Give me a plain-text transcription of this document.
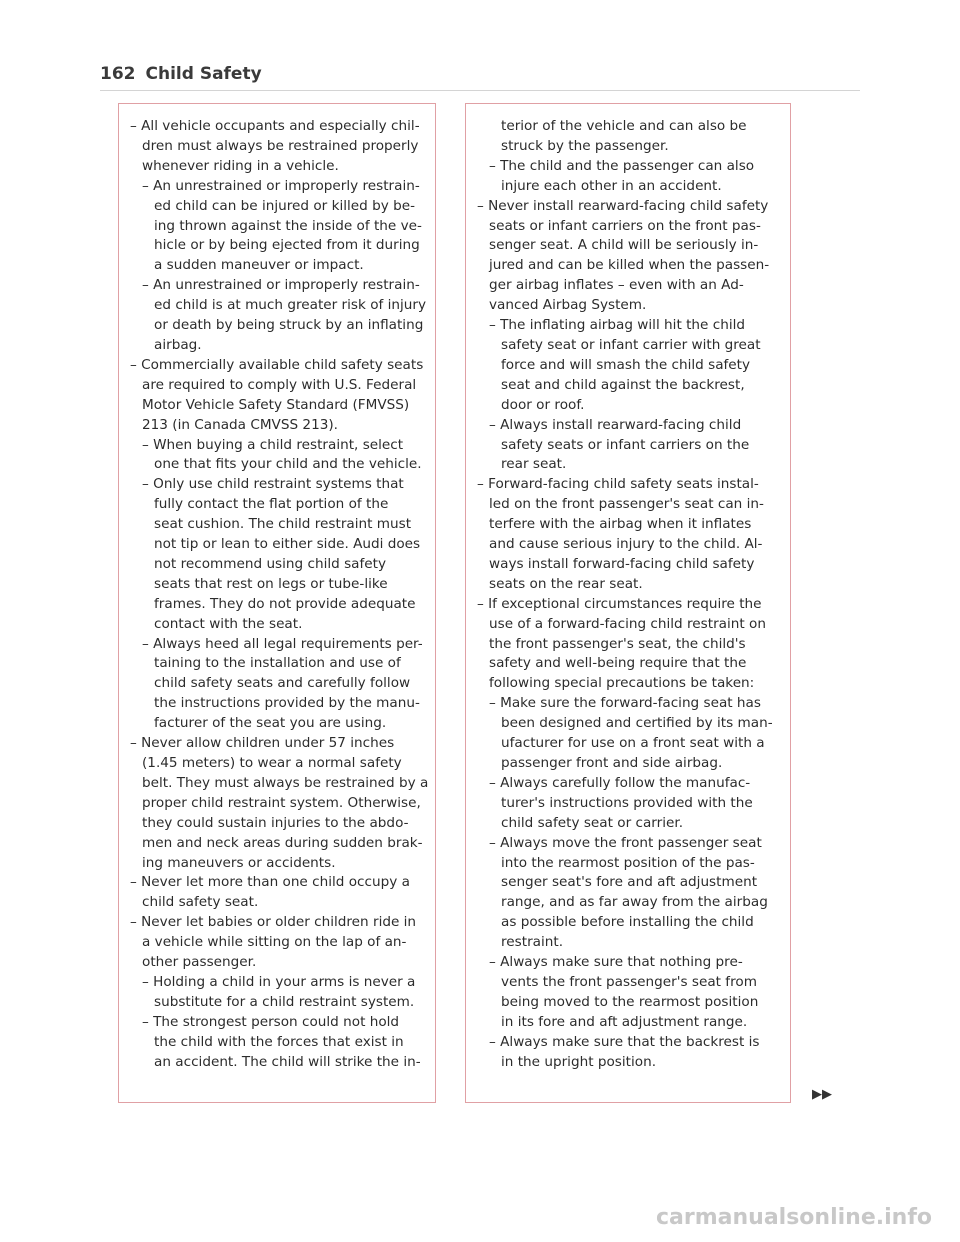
162 Child Safety
– All vehicle occupants and especially chil-
dren must always be restrained properly
whenever riding in a vehicle.
– An unrestrained or improperly restrain-
ed child can be injured or killed by be-
ing thrown against the inside of the ve-
hicle or by being ejected from it during
a sudden maneuver or impact.
– An unrestrained or improperly restrain-
ed child is at much greater risk of injury
or death by being struck by an inflating
airbag.
– Commercially available child safety seats
are required to comply with U.S. Federal
Motor Vehicle Safety Standard (FMVSS)
213 (in Canada CMVSS 213).
– When buying a child restraint, select
one that fits your child and the vehicle.
– Only use child restraint systems that
fully contact the flat portion of the
seat cushion. The child restraint must
not tip or lean to either side. Audi does
not recommend using child safety
seats that rest on legs or tube-like
frames. They do not provide adequate
contact with the seat.
– Always heed all legal requirements per-
taining to the installation and use of
child safety seats and carefully follow
the instructions provided by the manu-
facturer of the seat you are using.
– Never allow children under 57 inches
(1.45 meters) to wear a normal safety
belt. They must always be restrained by a
proper child restraint system. Otherwise,
they could sustain injuries to the abdo-
men and neck areas during sudden brak-
ing maneuvers or accidents.
– Never let more than one child occupy a
child safety seat.
– Never let babies or older children ride in
a vehicle while sitting on the lap of an-
other passenger.
– Holding a child in your arms is never a
substitute for a child restraint system.
– The strongest person could not hold
the child with the forces that exist in
an accident. The child will strike the in-
terior of the vehicle and can also be
struck by the passenger.
– The child and the passenger can also
injure each other in an accident.
– Never install rearward-facing child safety
seats or infant carriers on the front pas-
senger seat. A child will be seriously in-
jured and can be killed when the passen-
ger airbag inflates – even with an Ad-
vanced Airbag System.
– The inflating airbag will hit the child
safety seat or infant carrier with great
force and will smash the child safety
seat and child against the backrest,
door or roof.
– Always install rearward-facing child
safety seats or infant carriers on the
rear seat.
– Forward-facing child safety seats instal-
led on the front passenger's seat can in-
terfere with the airbag when it inflates
and cause serious injury to the child. Al-
ways install forward-facing child safety
seats on the rear seat.
– If exceptional circumstances require the
use of a forward-facing child restraint on
the front passenger's seat, the child's
safety and well-being require that the
following special precautions be taken:
– Make sure the forward-facing seat has
been designed and certified by its man-
ufacturer for use on a front seat with a
passenger front and side airbag.
– Always carefully follow the manufac-
turer's instructions provided with the
child safety seat or carrier.
– Always move the front passenger seat
into the rearmost position of the pas-
senger seat's fore and aft adjustment
range, and as far away from the airbag
as possible before installing the child
restraint.
– Always make sure that nothing pre-
vents the front passenger's seat from
being moved to the rearmost position
in its fore and aft adjustment range.
– Always make sure that the backrest is
in the upright position.
▶▶
carmanualsonline.info
